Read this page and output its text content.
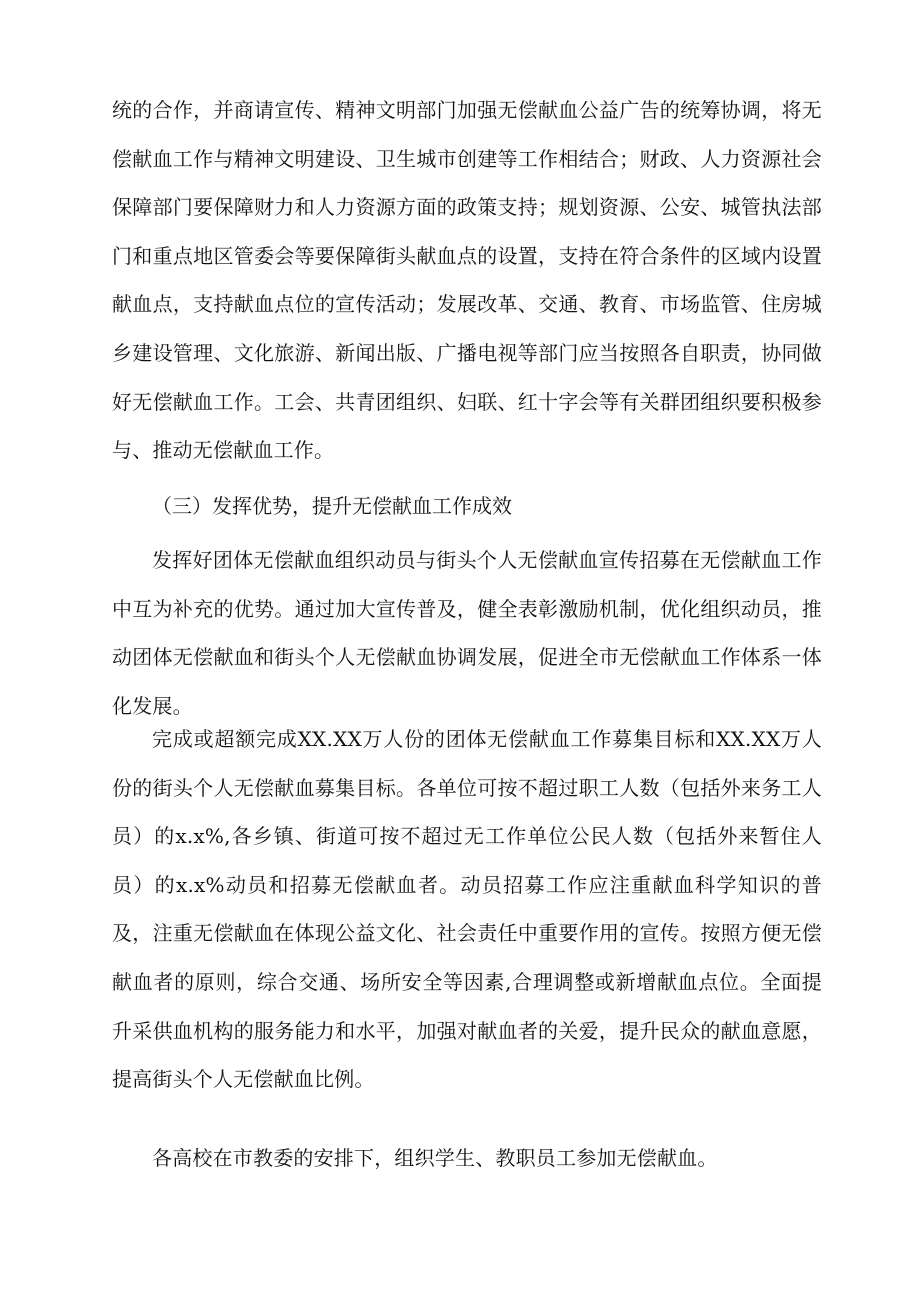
统的合作，并商请宣传、精神文明部门加强无偿献血公益广告的统筹协调，将无偿献血工作与精神文明建设、卫生城市创建等工作相结合；财政、人力资源社会保障部门要保障财力和人力资源方面的政策支持；规划资源、公安、城管执法部门和重点地区管委会等要保障街头献血点的设置，支持在符合条件的区域内设置献血点，支持献血点位的宣传活动；发展改革、交通、教育、市场监管、住房城乡建设管理、文化旅游、新闻出版、广播电视等部门应当按照各自职责，协同做好无偿献血工作。工会、共青团组织、妇联、红十字会等有关群团组织要积极参与、推动无偿献血工作。

（三）发挥优势，提升无偿献血工作成效

发挥好团体无偿献血组织动员与街头个人无偿献血宣传招募在无偿献血工作中互为补充的优势。通过加大宣传普及，健全表彰激励机制，优化组织动员，推动团体无偿献血和街头个人无偿献血协调发展，促进全市无偿献血工作体系一体化发展。

完成或超额完成XX.XX万人份的团体无偿献血工作募集目标和XX.XX万人份的街头个人无偿献血募集目标。各单位可按不超过职工人数（包括外来务工人员）的x.x%,各乡镇、街道可按不超过无工作单位公民人数（包括外来暂住人员）的x.x%动员和招募无偿献血者。动员招募工作应注重献血科学知识的普及，注重无偿献血在体现公益文化、社会责任中重要作用的宣传。按照方便无偿献血者的原则，综合交通、场所安全等因素,合理调整或新增献血点位。全面提升采供血机构的服务能力和水平，加强对献血者的关爱，提升民众的献血意愿，提高街头个人无偿献血比例。

各高校在市教委的安排下，组织学生、教职员工参加无偿献血。
